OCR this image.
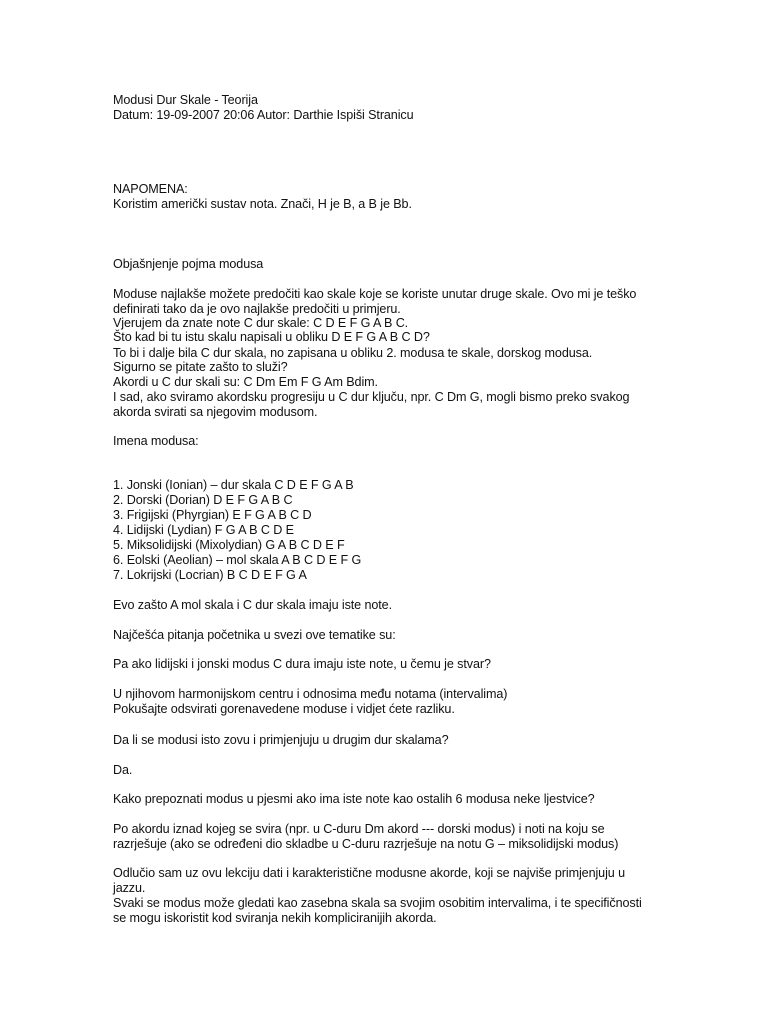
Modusi Dur Skale - Teorija
Datum: 19-09-2007 20:06 Autor: Darthie Ispiši Stranicu
NAPOMENA:
Koristim američki sustav nota. Znači, H je B, a B je Bb.
Objašnjenje pojma modusa
Moduse najlakše možete predočiti kao skale koje se koriste unutar druge skale. Ovo mi je teško
definirati tako da je ovo najlakše predočiti u primjeru.
Vjerujem da znate note C dur skale: C D E F G A B C.
Što kad bi tu istu skalu napisali u obliku D E F G A B C D?
To bi i dalje bila C dur skala, no zapisana u obliku 2. modusa te skale, dorskog modusa.
Sigurno se pitate zašto to služi?
Akordi u C dur skali su: C Dm Em F G Am Bdim.
I sad, ako sviramo akordsku progresiju u C dur ključu, npr. C Dm G, mogli bismo preko svakog
akorda svirati sa njegovim modusom.
Imena modusa:
1. Jonski (Ionian) – dur skala C D E F G A B
2. Dorski (Dorian) D E F G A B C
3. Frigijski (Phyrgian) E F G A B C D
4. Lidijski (Lydian) F G A B C D E
5. Miksolidijski (Mixolydian) G A B C D E F
6. Eolski (Aeolian) – mol skala A B C D E F G
7. Lokrijski (Locrian) B C D E F G A
Evo zašto A mol skala i C dur skala imaju iste note.
Najčešća pitanja početnika u svezi ove tematike su:
Pa ako lidijski i jonski modus C dura imaju iste note, u čemu je stvar?
U njihovom harmonijskom centru i odnosima među notama (intervalima)
Pokušajte odsvirati gorenavedene moduse i vidjet ćete razliku.
Da li se modusi isto zovu i primjenjuju u drugim dur skalama?
Da.
Kako prepoznati modus u pjesmi ako ima iste note kao ostalih 6 modusa neke ljestvice?
Po akordu iznad kojeg se svira (npr. u C-duru Dm akord --- dorski modus) i noti na koju se
razrješuje (ako se određeni dio skladbe u C-duru razrješuje na notu G – miksolidijski modus)
Odlučio sam uz ovu lekciju dati i karakteristične modusne akorde, koji se najviše primjenjuju u
jazzu.
Svaki se modus može gledati kao zasebna skala sa svojim osobitim intervalima, i te specifičnosti
se mogu iskoristit kod sviranja nekih kompliciranijih akorda.
